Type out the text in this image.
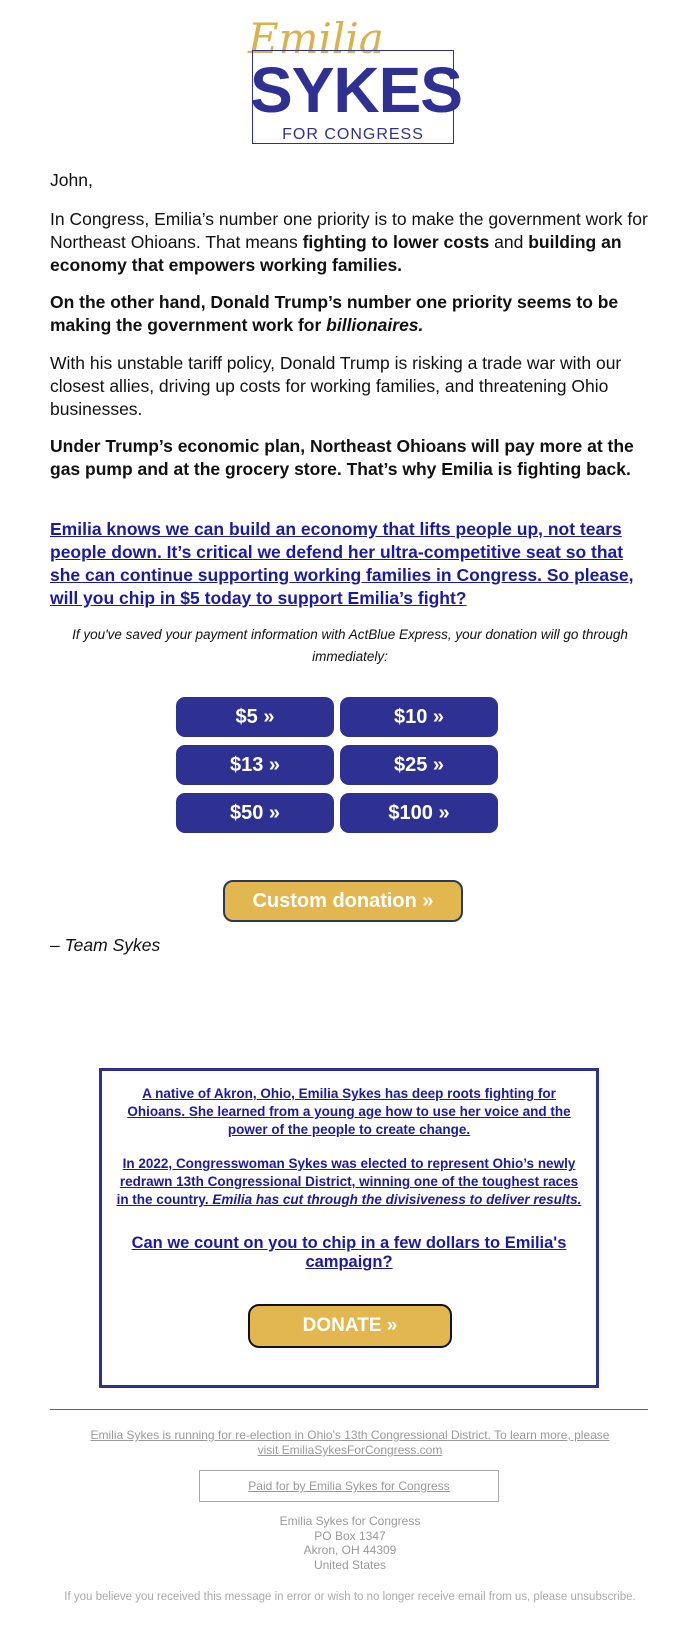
Emilia
SYKES
FOR CONGRESS

John,

In Congress, Emilia’s number one priority is to make the government work for Northeast Ohioans. That means fighting to lower costs and building an economy that empowers working families.

On the other hand, Donald Trump’s number one priority seems to be making the government work for billionaires.

With his unstable tariff policy, Donald Trump is risking a trade war with our closest allies, driving up costs for working families, and threatening Ohio businesses.

Under Trump’s economic plan, Northeast Ohioans will pay more at the gas pump and at the grocery store. That’s why Emilia is fighting back.

Emilia knows we can build an economy that lifts people up, not tears people down. It’s critical we defend her ultra-competitive seat so that she can continue supporting working families in Congress. So please, will you chip in $5 today to support Emilia’s fight?

If you've saved your payment information with ActBlue Express, your donation will go through immediately:
$5 »	$10 »
$13 »	$25 »
$50 »	$100 »
Custom donation »
– Team Sykes

A native of Akron, Ohio, Emilia Sykes has deep roots fighting for Ohioans. She learned from a young age how to use her voice and the power of the people to create change.

In 2022, Congresswoman Sykes was elected to represent Ohio’s newly redrawn 13th Congressional District, winning one of the toughest races in the country. Emilia has cut through the divisiveness to deliver results.

Can we count on you to chip in a few dollars to Emilia's campaign?
DONATE »
Emilia Sykes is running for re-election in Ohio's 13th Congressional District. To learn more, please visit EmiliaSykesForCongress.com
Paid for by Emilia Sykes for Congress
Emilia Sykes for Congress
PO Box 1347
Akron, OH 44309
United States
If you believe you received this message in error or wish to no longer receive email from us, please unsubscribe.
